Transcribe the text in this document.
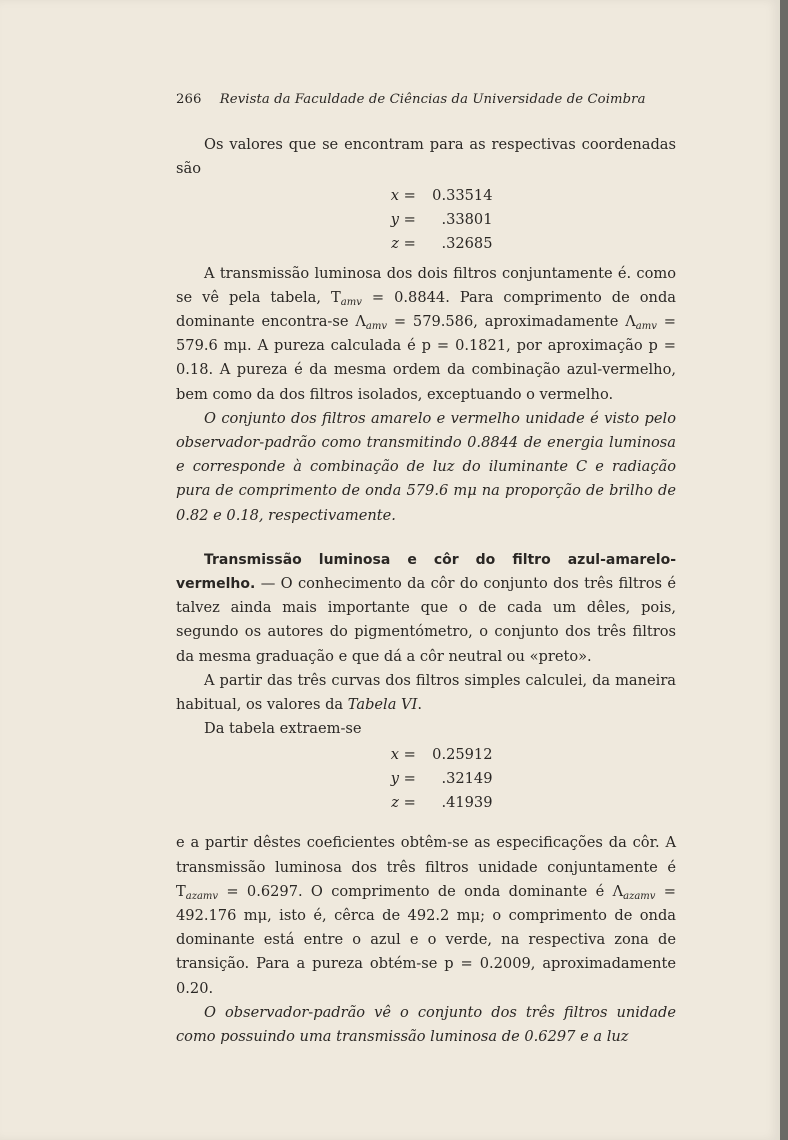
266 Revista da Faculdade de Ciências da Universidade de Coimbra

Os valores que se encontram para as respectivas coordenadas são

x = 0.33514
y = .33801
z = .32685

A transmissão luminosa dos dois filtros conjuntamente é. como se vê pela tabela, $T_{amv} = 0.8844$. Para comprimento de onda dominante encontra-se $\Lambda_{amv} = 579.586$, aproximadamente $\Lambda_{amv} = 579.6$ mμ. A pureza calculada é p = 0.1821, por aproximação p = 0.18. A pureza é da mesma ordem da combinação azul-vermelho, bem como da dos filtros isolados, exceptuando o vermelho.

O conjunto dos filtros amarelo e vermelho unidade é visto pelo observador-padrão como transmitindo 0.8844 de energia luminosa e corresponde à combinação de luz do iluminante C e radiação pura de comprimento de onda 579.6 mμ na proporção de brilho de 0.82 e 0.18, respectivamente.

Transmissão luminosa e côr do filtro azul-amarelo-vermelho. — O conhecimento da côr do conjunto dos três filtros é talvez ainda mais importante que o de cada um dêles, pois, segundo os autores do pigmentómetro, o conjunto dos três filtros da mesma graduação e que dá a côr neutral ou «preto».

A partir das três curvas dos filtros simples calculei, da maneira habitual, os valores da Tabela VI.

Da tabela extraem-se

x = 0.25912
y = .32149
z = .41939

e a partir dêstes coeficientes obtêm-se as especificações da côr. A transmissão luminosa dos três filtros unidade conjuntamente é $T_{azamv} = 0.6297$. O comprimento de onda dominante é $\Lambda_{azamv} = 492.176$ mμ, isto é, cêrca de 492.2 mμ; o comprimento de onda dominante está entre o azul e o verde, na respectiva zona de transição. Para a pureza obtém-se p = 0.2009, aproximadamente 0.20.

O observador-padrão vê o conjunto dos três filtros unidade como possuindo uma transmissão luminosa de 0.6297 e a luz
